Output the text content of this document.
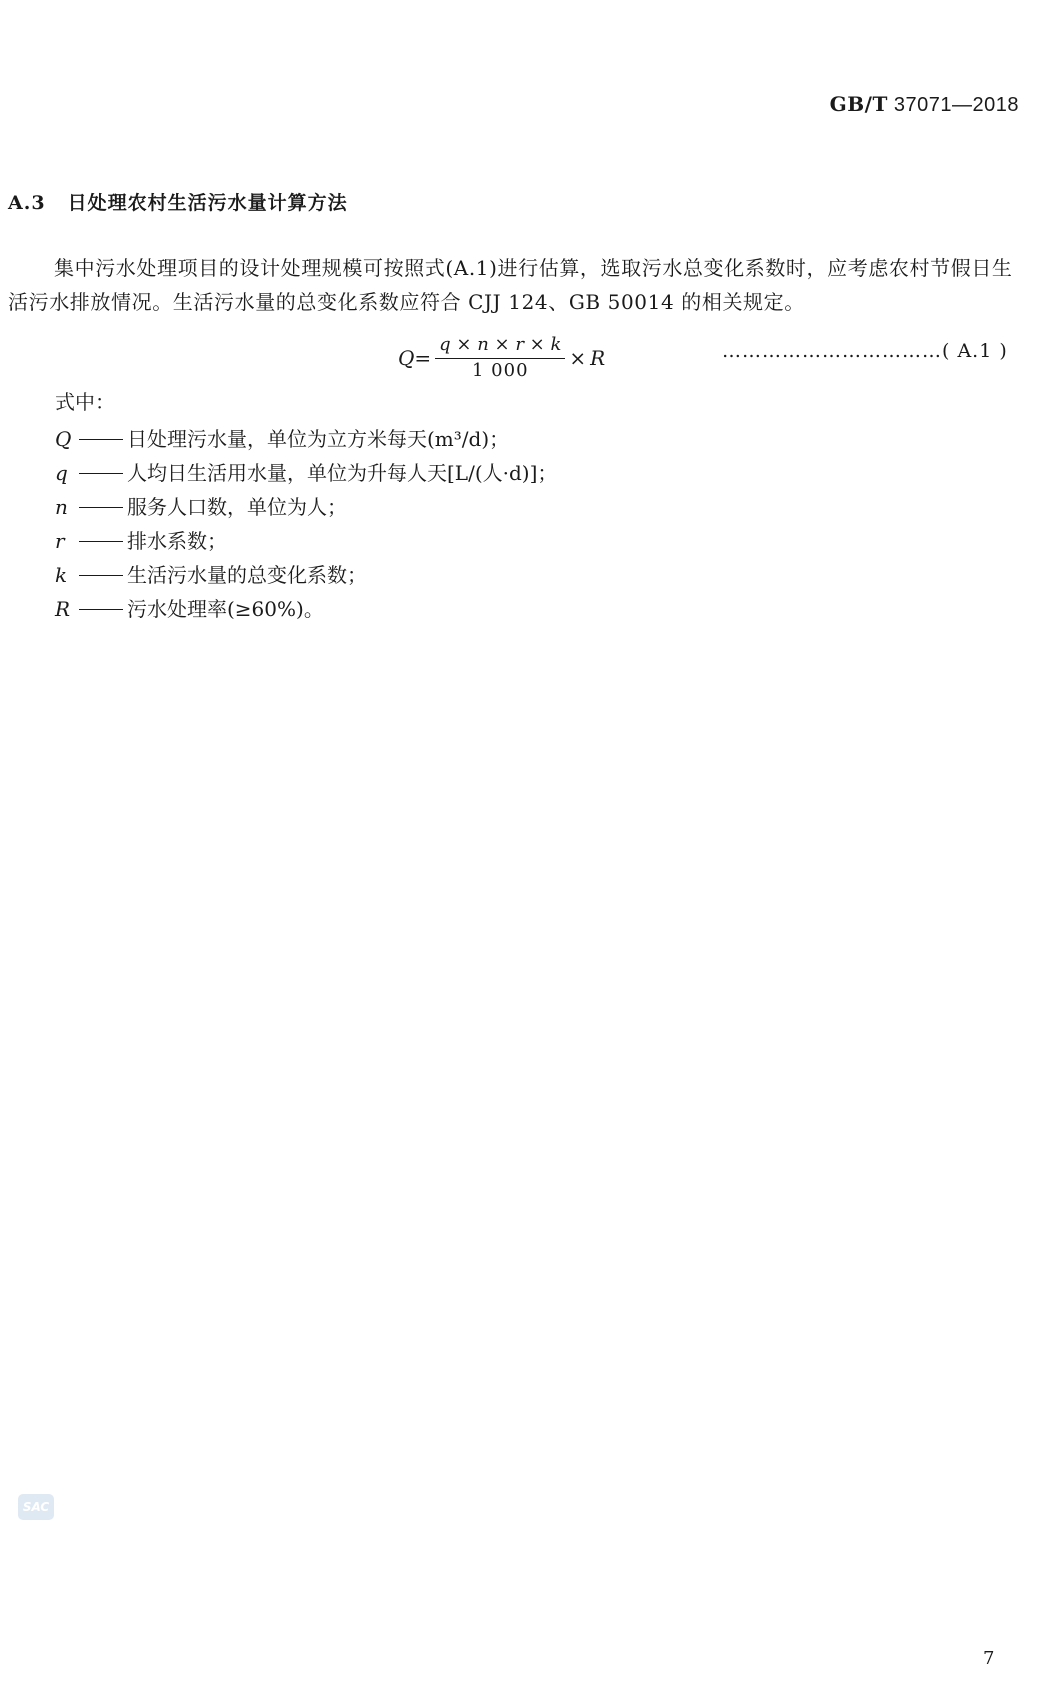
GB/T 37071—2018
A.3 日处理农村生活污水量计算方法
集中污水处理项目的设计处理规模可按照式(A.1)进行估算，选取污水总变化系数时，应考虑农村节假日生活污水排放情况。生活污水量的总变化系数应符合 CJJ 124、GB 50014 的相关规定。
$Q = \frac{q \times n \times r \times k}{1 000} \times R$	……………………………( A.1 )
式中：
Q	日处理污水量，单位为立方米每天(m³/d)；
q	人均日生活用水量，单位为升每人天[L/(人·d)]；
n	服务人口数，单位为人；
r	排水系数；
k	生活污水量的总变化系数；
R	污水处理率(≥60%)。
SAC
7
